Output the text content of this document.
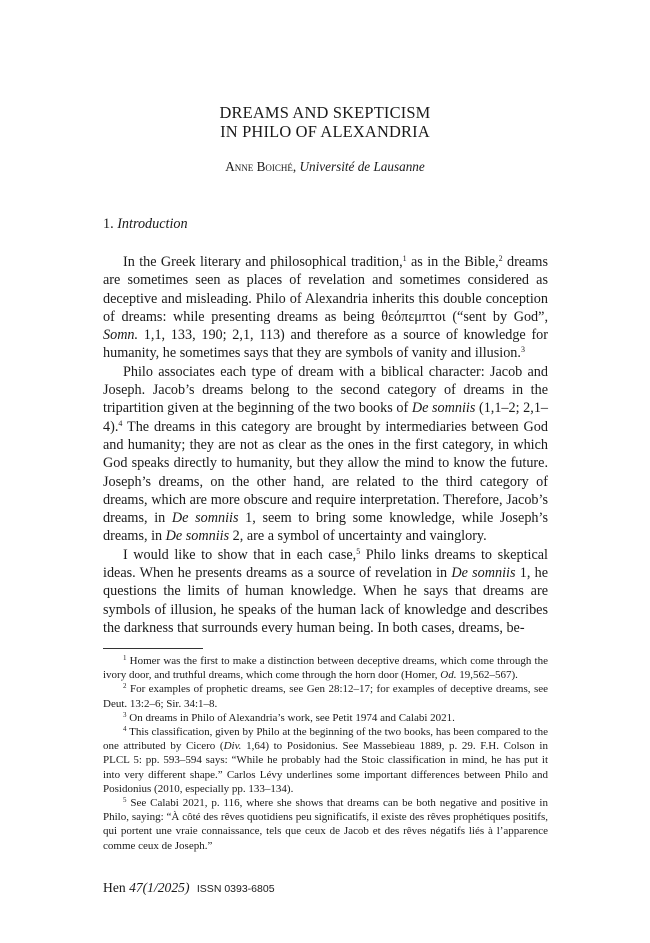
DREAMS AND SKEPTICISM
IN PHILO OF ALEXANDRIA
Anne Boiché, Université de Lausanne
1. Introduction

In the Greek literary and philosophical tradition,$^1$ as in the Bible,$^2$ dreams are sometimes seen as places of revelation and sometimes considered as deceptive and misleading. Philo of Alexandria inherits this double conception of dreams: while presenting dreams as being θεόπεμπτοι (“sent by God”, Somn. 1,1, 133, 190; 2,1, 113) and therefore as a source of knowledge for humanity, he sometimes says that they are symbols of vanity and illusion.$^3$

Philo associates each type of dream with a biblical character: Jacob and Joseph. Jacob’s dreams belong to the second category of dreams in the tripartition given at the beginning of the two books of De somniis (1,1–2; 2,1–4).$^4$ The dreams in this category are brought by intermediaries between God and humanity; they are not as clear as the ones in the first category, in which God speaks directly to humanity, but they allow the mind to know the future. Joseph’s dreams, on the other hand, are related to the third category of dreams, which are more obscure and require interpretation. Therefore, Jacob’s dreams, in De somniis 1, seem to bring some knowledge, while Joseph’s dreams, in De somniis 2, are a symbol of uncertainty and vainglory.

I would like to show that in each case,$^5$ Philo links dreams to skeptical ideas. When he presents dreams as a source of revelation in De somniis 1, he questions the limits of human knowledge. When he says that dreams are symbols of illusion, he speaks of the human lack of knowledge and describes the darkness that surrounds every human being. In both cases, dreams, be-

$^1$ Homer was the first to make a distinction between deceptive dreams, which come through the ivory door, and truthful dreams, which come through the horn door (Homer, Od. 19,562–567).

$^2$ For examples of prophetic dreams, see Gen 28:12–17; for examples of deceptive dreams, see Deut. 13:2–6; Sir. 34:1–8.

$^3$ On dreams in Philo of Alexandria’s work, see Petit 1974 and Calabi 2021.

$^4$ This classification, given by Philo at the beginning of the two books, has been compared to the one attributed by Cicero (Div. 1,64) to Posidonius. See Massebieau 1889, p. 29. F.H. Colson in PLCL 5: pp. 593–594 says: “While he probably had the Stoic classification in mind, he has put it into very different shape.” Carlos Lévy underlines some important differences between Philo and Posidonius (2010, especially pp. 133–134).

$^5$ See Calabi 2021, p. 116, where she shows that dreams can be both negative and positive in Philo, saying: “À côté des rêves quotidiens peu significatifs, il existe des rêves prophétiques positifs, qui portent une vraie connaissance, tels que ceux de Jacob et des rêves négatifs liés à l’apparence comme ceux de Joseph.”

Hen 47(1/2025) ISSN 0393-6805
